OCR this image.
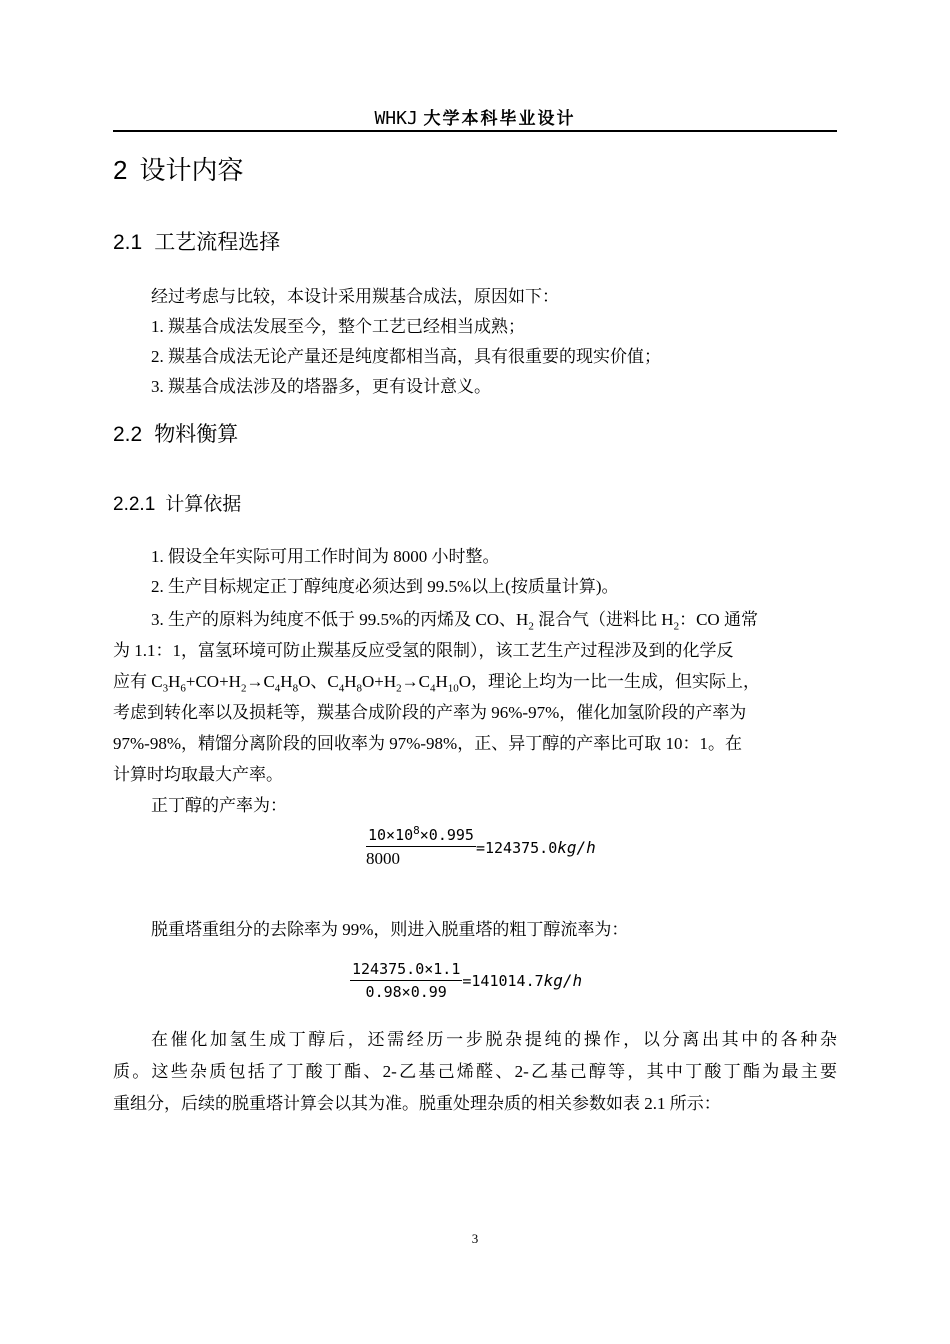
WHKJ 大学本科毕业设计
2 设计内容
2.1 工艺流程选择
经过考虑与比较，本设计采用羰基合成法，原因如下：
1. 羰基合成法发展至今，整个工艺已经相当成熟；
2. 羰基合成法无论产量还是纯度都相当高，具有很重要的现实价值；
3. 羰基合成法涉及的塔器多，更有设计意义。
2.2 物料衡算
2.2.1 计算依据
1. 假设全年实际可用工作时间为 8000 小时整。
2. 生产目标规定正丁醇纯度必须达到 99.5%以上(按质量计算)。
3. 生产的原料为纯度不低于 99.5%的丙烯及 CO、$H_2$ 混合气（进料比 $H_2$：CO 通常
为 1.1：1，富氢环境可防止羰基反应受氢的限制），该工艺生产过程涉及到的化学反
应有 $C_3H_6+CO+H_2\to C_4H_8O$、$C_4H_8O+H_2\to C_4H_{10}O$，理论上均为一比一生成，但实际上，
考虑到转化率以及损耗等，羰基合成阶段的产率为 96%-97%，催化加氢阶段的产率为
97%-98%，精馏分离阶段的回收率为 97%-98%，正、异丁醇的产率比可取 10：1。在
计算时均取最大产率。
正丁醇的产率为：
$\frac{10\times 10^8\times 0.995}{8000} =124375.0kg/h$
脱重塔重组分的去除率为 99%，则进入脱重塔的粗丁醇流率为：
$\frac{124375.0\times 1.1}{0.98\times 0.99} =141014.7kg/h$
在催化加氢生成丁醇后，还需经历一步脱杂提纯的操作，以分离出其中的各种杂
质。这些杂质包括了丁酸丁酯、2-乙基己烯醛、2-乙基己醇等，其中丁酸丁酯为最主要
重组分，后续的脱重塔计算会以其为准。脱重处理杂质的相关参数如表 2.1 所示：
3
